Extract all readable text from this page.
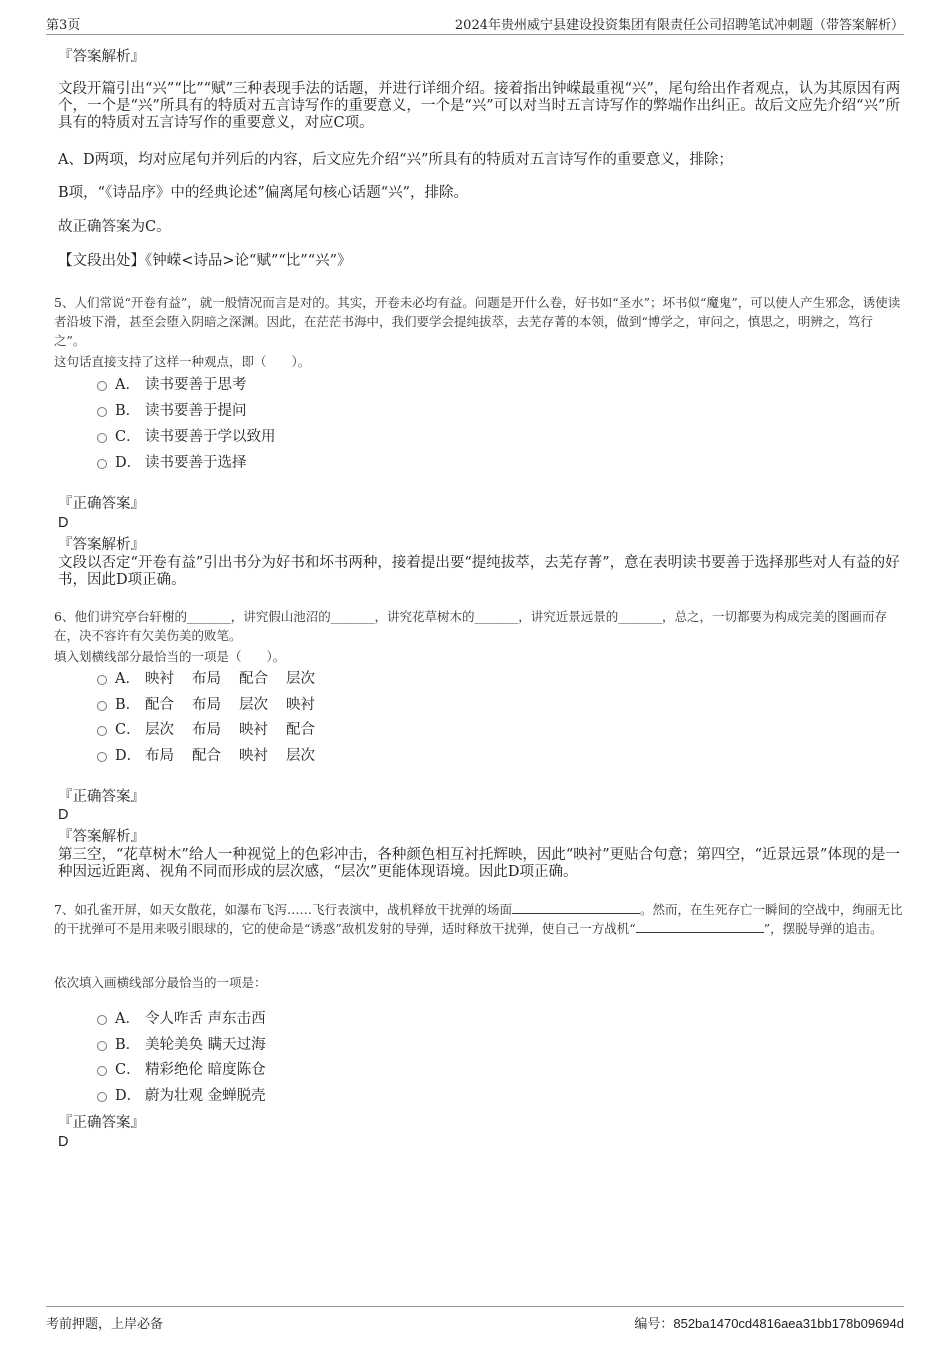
第3页	2024年贵州威宁县建设投资集团有限责任公司招聘笔试冲刺题（带答案解析）
『答案解析』
文段开篇引出“兴”“比”“赋”三种表现手法的话题，并进行详细介绍。接着指出钟嵘最重视“兴”，尾句给出作者观点，认为其原因有两个，一个是“兴”所具有的特质对五言诗写作的重要意义，一个是“兴”可以对当时五言诗写作的弊端作出纠正。故后文应先介绍“兴”所具有的特质对五言诗写作的重要意义，对应C项。
A、D两项，均对应尾句并列后的内容，后文应先介绍“兴”所具有的特质对五言诗写作的重要意义，排除；
B项，“《诗品序》中的经典论述”偏离尾句核心话题“兴”，排除。
故正确答案为C。
【文段出处】《钟嵘<诗品>论“赋”“比”“兴”》
5、人们常说“开卷有益”，就一般情况而言是对的。其实，开卷未必均有益。问题是开什么卷，好书如“圣水”；坏书似“魔鬼”，可以使人产生邪念，诱使读者沿坡下滑，甚至会堕入阴暗之深渊。因此，在茫茫书海中，我们要学会提纯拔萃，去芜存菁的本领，做到“博学之，审问之，慎思之，明辨之，笃行之”。
这句话直接支持了这样一种观点，即（　　）。
A． 读书要善于思考
B． 读书要善于提问
C． 读书要善于学以致用
D． 读书要善于选择
『正确答案』
D
『答案解析』
文段以否定“开卷有益”引出书分为好书和坏书两种，接着提出要“提纯拔萃，去芜存菁”，意在表明读书要善于选择那些对人有益的好书，因此D项正确。
6、他们讲究亭台轩榭的_______，讲究假山池沼的_______，讲究花草树木的_______，讲究近景远景的_______，总之，一切都要为构成完美的图画而存在，决不容许有欠美伤美的败笔。
填入划横线部分最恰当的一项是（　　）。
A． 映衬 布局 配合 层次
B． 配合 布局 层次 映衬
C． 层次 布局 映衬 配合
D． 布局 配合 映衬 层次
『正确答案』
D
『答案解析』
第三空，“花草树木”给人一种视觉上的色彩冲击，各种颜色相互衬托辉映，因此“映衬”更贴合句意；第四空，“近景远景”体现的是一种因远近距离、视角不同而形成的层次感，“层次”更能体现语境。因此D项正确。
7、如孔雀开屏，如天女散花，如瀑布飞泻……飞行表演中，战机释放干扰弹的场面	。然而，在生死存亡一瞬间的空战中，绚丽无比的干扰弹可不是用来吸引眼球的，它的使命是“诱惑”敌机发射的导弹，适时释放干扰弹，使自己一方战机“	”，摆脱导弹的追击。
依次填入画横线部分最恰当的一项是：
A． 令人咋舌 声东击西
B． 美轮美奂 瞒天过海
C． 精彩绝伦 暗度陈仓
D． 蔚为壮观 金蝉脱壳
『正确答案』
D
考前押题，上岸必备	编号：852ba1470cd4816aea31bb178b09694d
